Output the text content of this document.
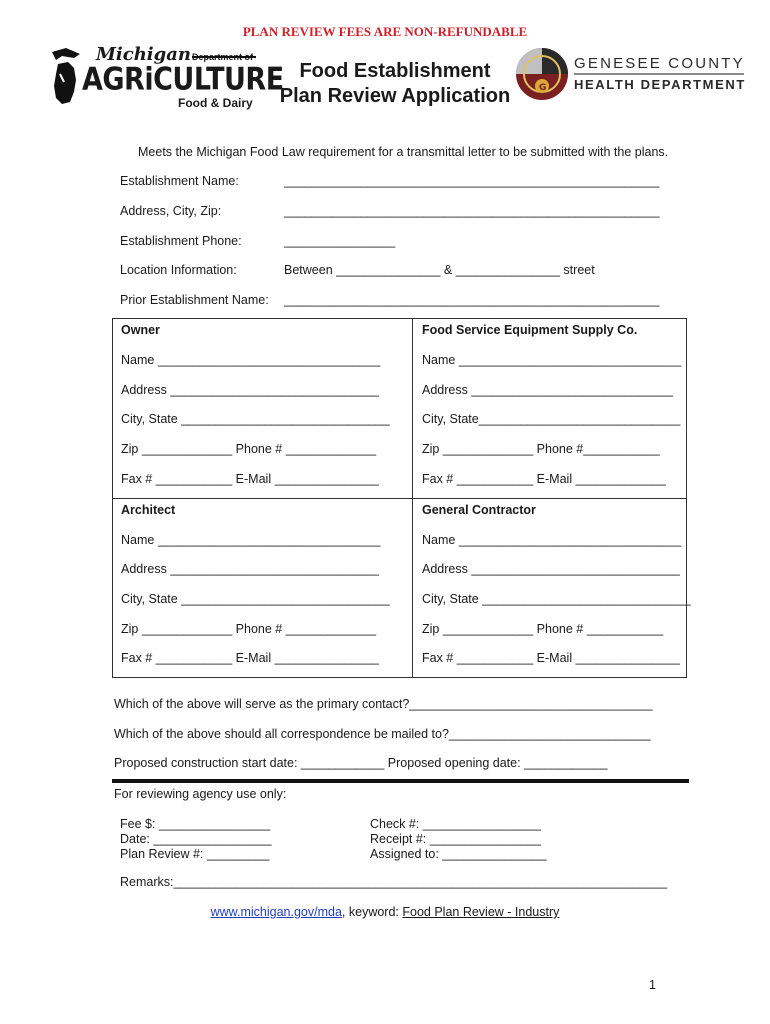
PLAN REVIEW FEES ARE NON-REFUNDABLE
Michigan
AGRiCULTURE
Food & Dairy
Food Establishment
Plan Review Application	G
GENESEE COUNTY
HEALTH DEPARTMENT
Meets the Michigan Food Law requirement for a transmittal letter to be submitted with the plans.
Establishment Name:	______________________________________________________
Address, City, Zip:	______________________________________________________
Establishment Phone:	________________
Location Information:	Between _______________ & _______________ street
Prior Establishment Name: ______________________________________________________
Owner
Name ________________________________
Address ______________________________
City, State ______________________________
Zip _____________ Phone # _____________
Fax # ___________ E-Mail _______________
Food Service Equipment Supply Co.
Name ________________________________
Address _____________________________
City, State_____________________________
Zip _____________ Phone #___________
Fax # ___________ E-Mail _____________
Architect
Name ________________________________
Address ______________________________
City, State ______________________________
Zip _____________ Phone # _____________
Fax # ___________ E-Mail _______________
General Contractor
Name ________________________________
Address ______________________________
City, State ______________________________
Zip _____________ Phone # ___________
Fax # ___________ E-Mail _______________
Which of the above will serve as the primary contact?___________________________________
Which of the above should all correspondence be mailed to?_____________________________
Proposed construction start date: ____________ Proposed opening date: ____________
For reviewing agency use only:
Fee $: ________________
Date: _________________
Plan Review #: _________
Check #: _________________
Receipt #: ________________
Assigned to: _______________
Remarks:_______________________________________________________________________
www.michigan.gov/mda, keyword: Food Plan Review - Industry
1
